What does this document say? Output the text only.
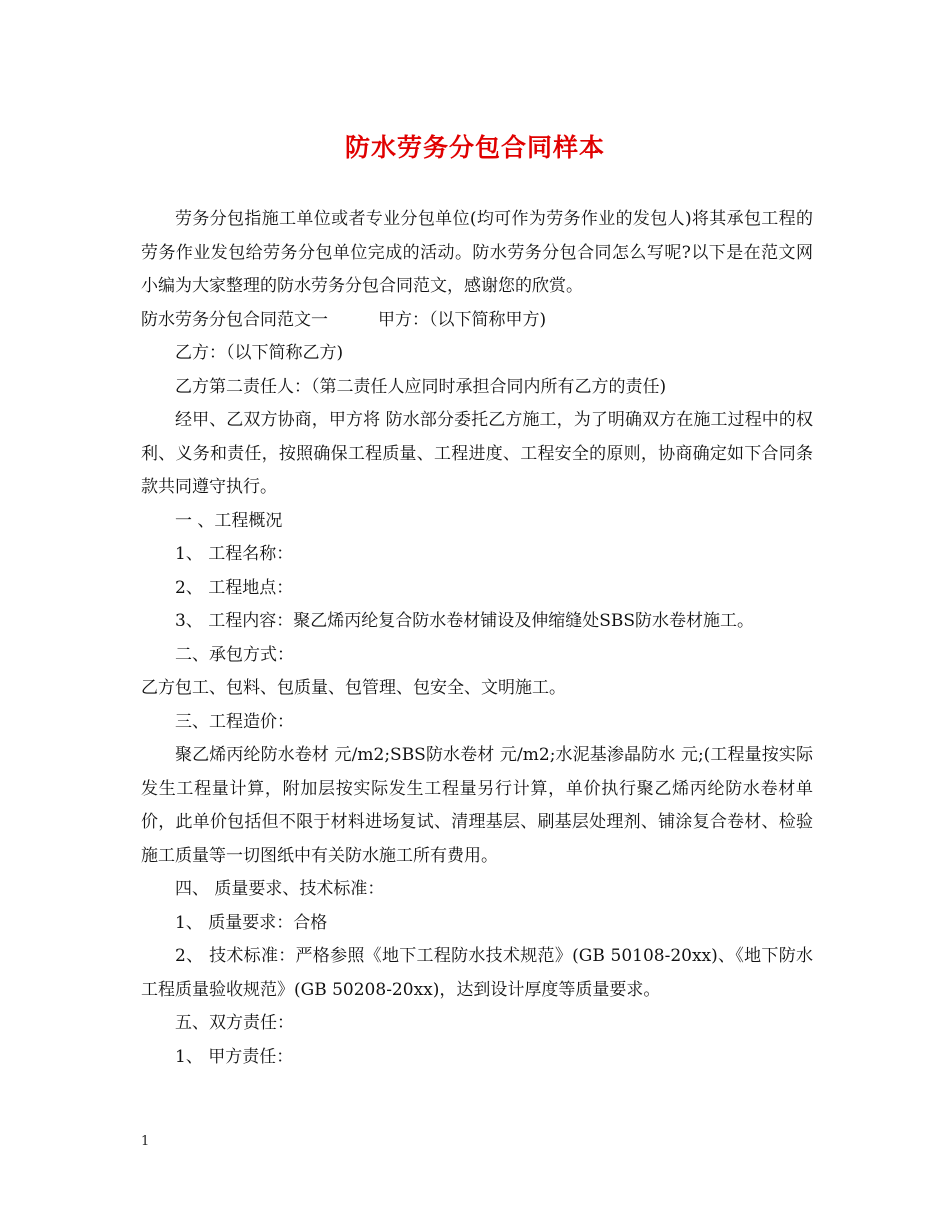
防水劳务分包合同样本

劳务分包指施工单位或者专业分包单位(均可作为劳务作业的发包人)将其承包工程的劳务作业发包给劳务分包单位完成的活动。防水劳务分包合同怎么写呢?以下是在范文网小编为大家整理的防水劳务分包合同范文，感谢您的欣赏。

防水劳务分包合同范文一	甲方：（以下简称甲方)

乙方：（以下简称乙方)

乙方第二责任人：（第二责任人应同时承担合同内所有乙方的责任)

经甲、乙双方协商，甲方将 防水部分委托乙方施工，为了明确双方在施工过程中的权利、义务和责任，按照确保工程质量、工程进度、工程安全的原则，协商确定如下合同条款共同遵守执行。

一 、工程概况

1、 工程名称：

2、 工程地点：

3、 工程内容：聚乙烯丙纶复合防水卷材铺设及伸缩缝处SBS防水卷材施工。

二、承包方式：

乙方包工、包料、包质量、包管理、包安全、文明施工。

三、工程造价：

聚乙烯丙纶防水卷材 元/m2;SBS防水卷材 元/m2;水泥基渗晶防水 元;(工程量按实际发生工程量计算，附加层按实际发生工程量另行计算，单价执行聚乙烯丙纶防水卷材单价，此单价包括但不限于材料进场复试、清理基层、刷基层处理剂、铺涂复合卷材、检验施工质量等一切图纸中有关防水施工所有费用。

四、 质量要求、技术标准：

1、 质量要求：合格

2、 技术标准：严格参照《地下工程防水技术规范》(GB 50108-20xx)、《地下防水工程质量验收规范》(GB 50208-20xx)，达到设计厚度等质量要求。

五、双方责任：

1、 甲方责任：

1
